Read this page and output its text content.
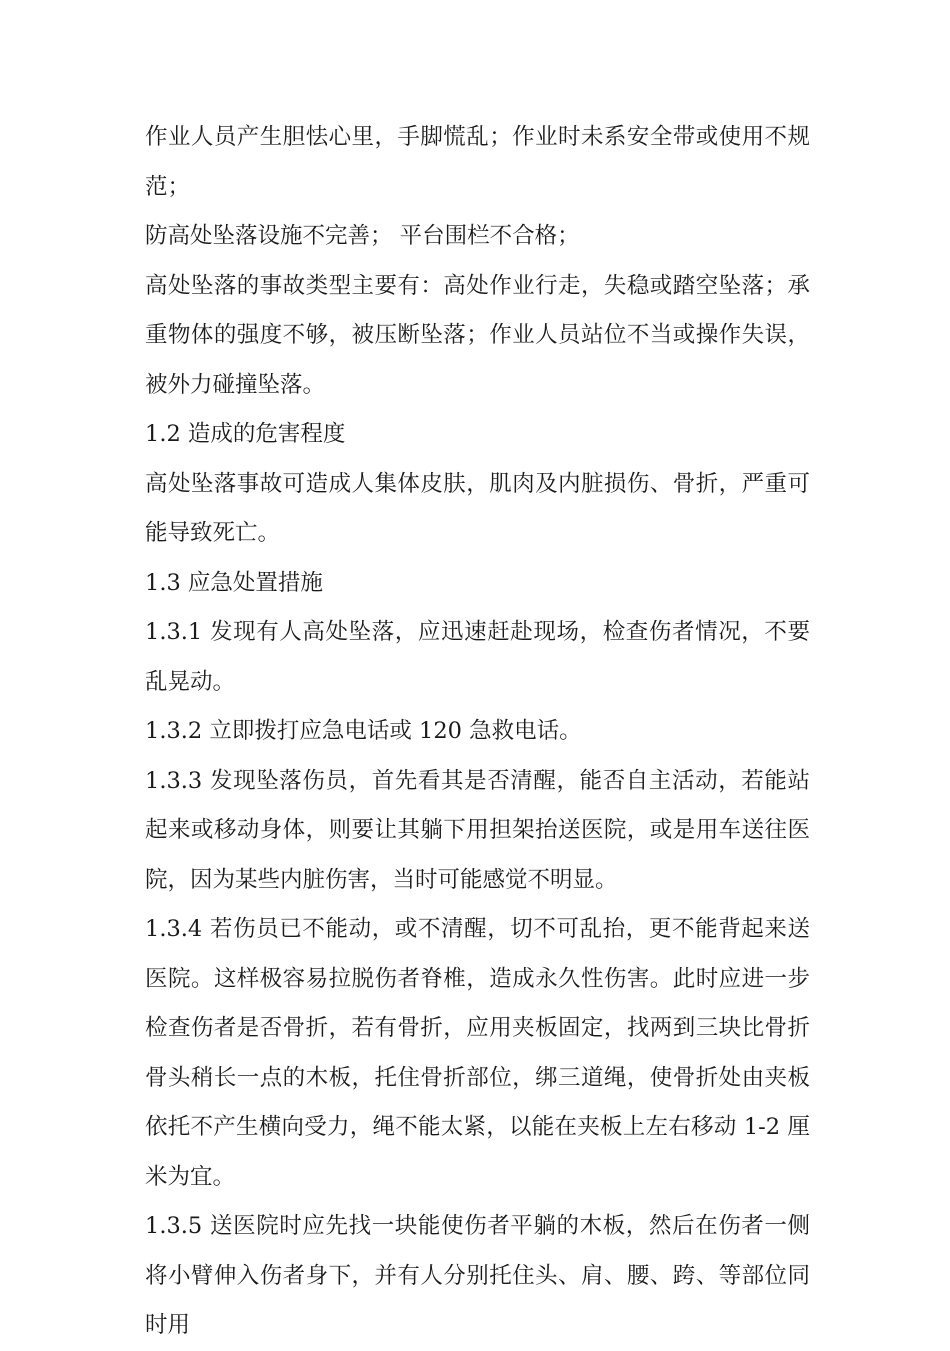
作业人员产生胆怯心里，手脚慌乱；作业时未系安全带或使用不规范；

防高处坠落设施不完善； 平台围栏不合格；

高处坠落的事故类型主要有：高处作业行走，失稳或踏空坠落；承重物体的强度不够，被压断坠落；作业人员站位不当或操作失误，被外力碰撞坠落。

1.2 造成的危害程度

高处坠落事故可造成人集体皮肤，肌肉及内脏损伤、骨折，严重可能导致死亡。

1.3 应急处置措施

1.3.1 发现有人高处坠落，应迅速赶赴现场，检查伤者情况，不要乱晃动。

1.3.2 立即拨打应急电话或 120 急救电话。

1.3.3 发现坠落伤员，首先看其是否清醒，能否自主活动，若能站起来或移动身体，则要让其躺下用担架抬送医院，或是用车送往医院，因为某些内脏伤害，当时可能感觉不明显。

1.3.4 若伤员已不能动，或不清醒，切不可乱抬，更不能背起来送医院。这样极容易拉脱伤者脊椎，造成永久性伤害。此时应进一步检查伤者是否骨折，若有骨折，应用夹板固定，找两到三块比骨折骨头稍长一点的木板，托住骨折部位，绑三道绳，使骨折处由夹板依托不产生横向受力，绳不能太紧，以能在夹板上左右移动 1-2 厘米为宜。

1.3.5 送医院时应先找一块能使伤者平躺的木板，然后在伤者一侧将小臂伸入伤者身下，并有人分别托住头、肩、腰、跨、等部位同时用
